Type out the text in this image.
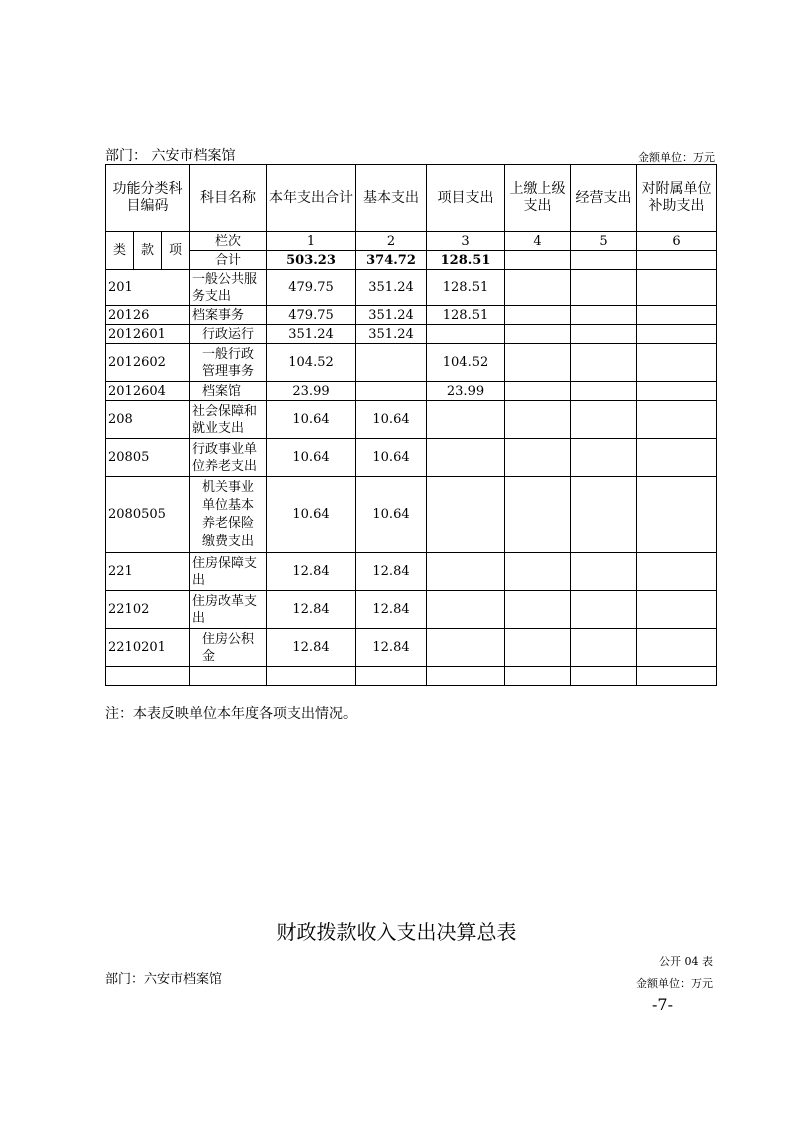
部门： 六安市档案馆	金额单位：万元
功能分类科目编码			科目名称	本年支出合计	基本支出	项目支出	上缴上级支出	经营支出	对附属单位补助支出
类	款	项	栏次	1	2	3	4	5	6
			合计	503.23	374.72	128.51			
201			一般公共服务支出	479.75	351.24	128.51			
20126			档案事务	479.75	351.24	128.51			
2012601			行政运行	351.24	351.24				
2012602			一般行政管理事务	104.52		104.52			
2012604			档案馆	23.99		23.99			
208			社会保障和就业支出	10.64	10.64				
20805			行政事业单位养老支出	10.64	10.64				
2080505			机关事业单位基本养老保险缴费支出	10.64	10.64				
221			住房保障支出	12.84	12.84				
22102			住房改革支出	12.84	12.84				
2210201			住房公积金	12.84	12.84				

注：本表反映单位本年度各项支出情况。
财政拨款收入支出决算总表
公开 04 表
部门：六安市档案馆	金额单位：万元
-7-
